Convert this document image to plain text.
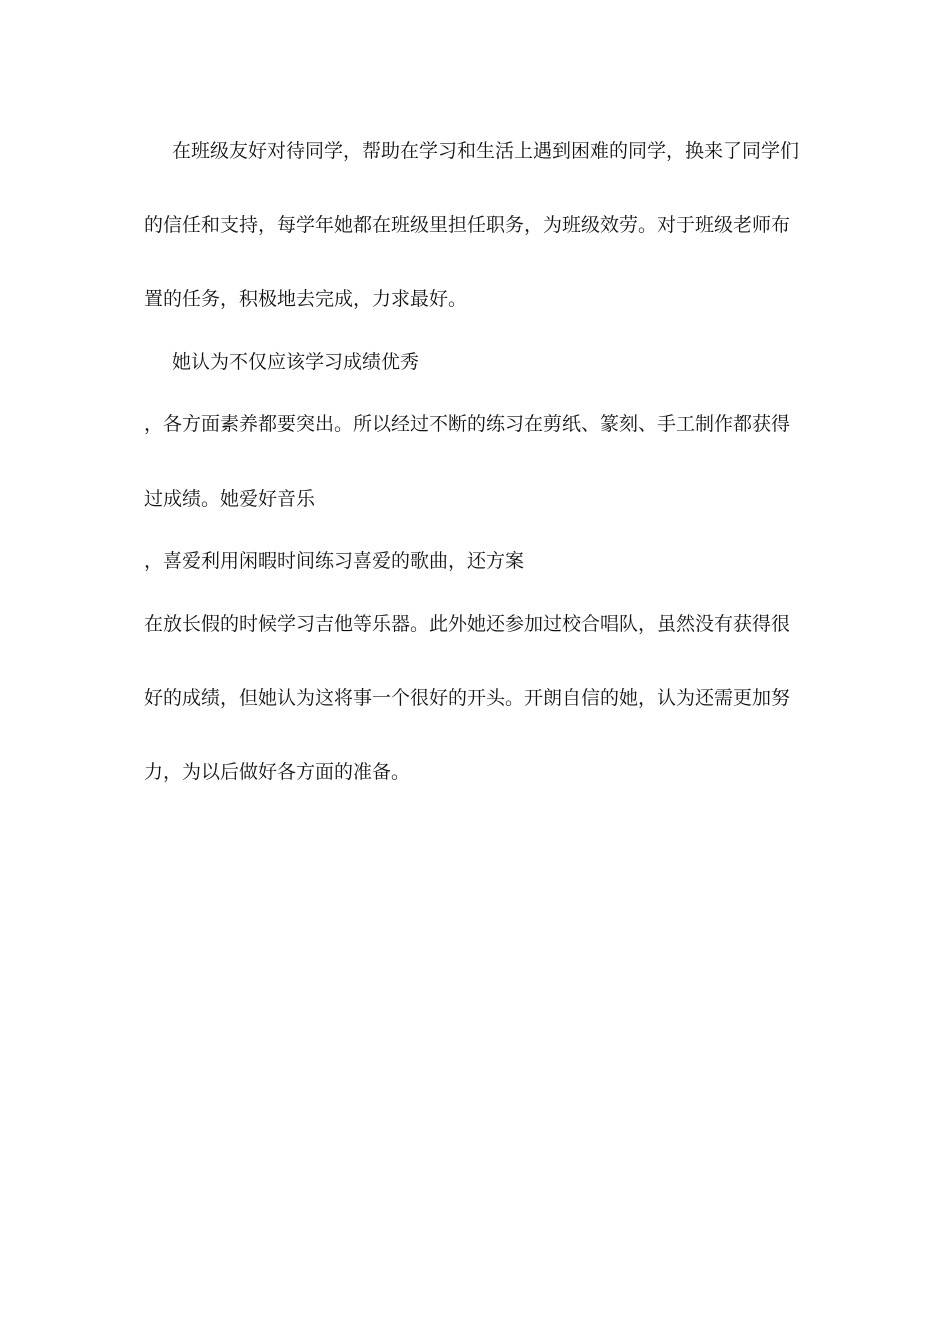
在班级友好对待同学，帮助在学习和生活上遇到困难的同学，换来了同学们
的信任和支持，每学年她都在班级里担任职务，为班级效劳。对于班级老师布
置的任务，积极地去完成，力求最好。
她认为不仅应该学习成绩优秀
，各方面素养都要突出。所以经过不断的练习在剪纸、篆刻、手工制作都获得
过成绩。她爱好音乐
，喜爱利用闲暇时间练习喜爱的歌曲，还方案
在放长假的时候学习吉他等乐器。此外她还参加过校合唱队，虽然没有获得很
好的成绩，但她认为这将事一个很好的开头。开朗自信的她，认为还需更加努
力，为以后做好各方面的准备。
